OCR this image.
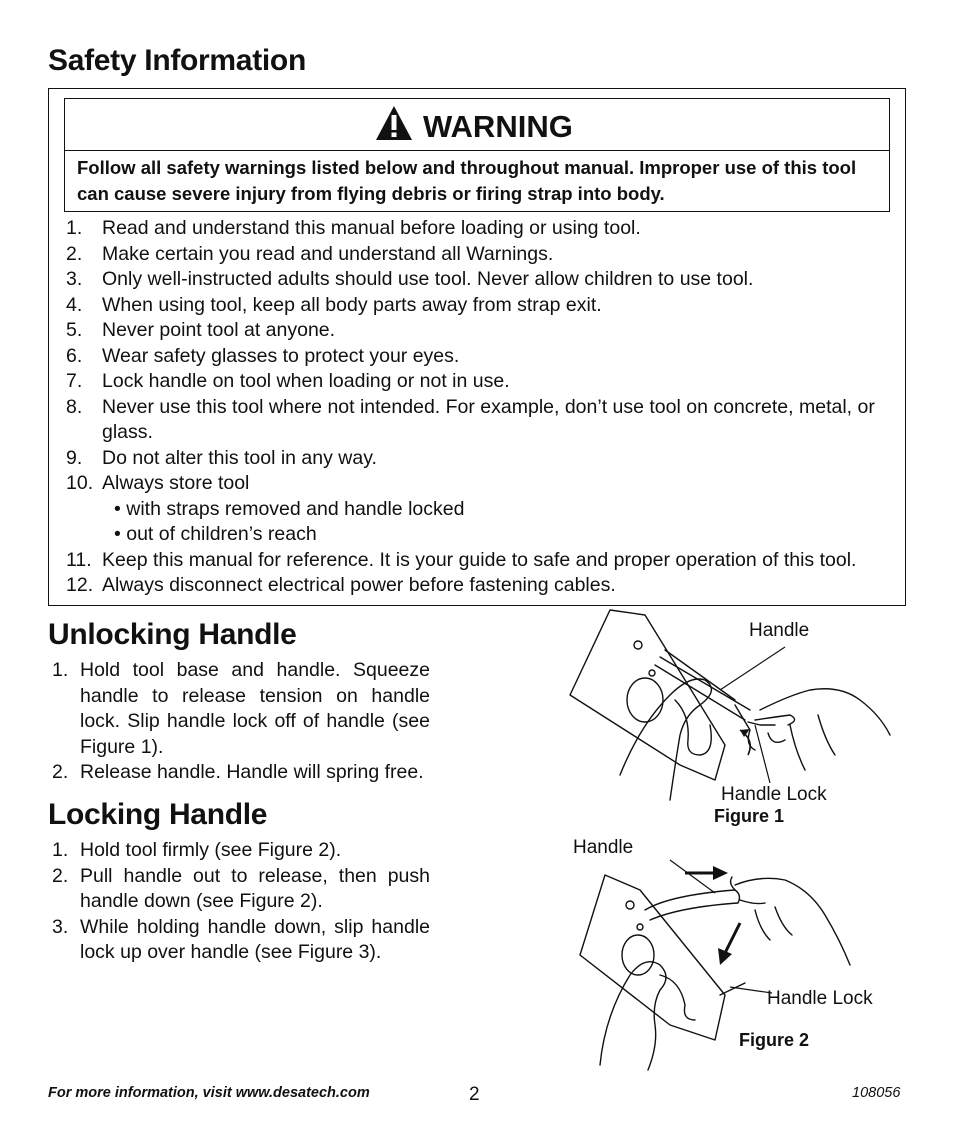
Safety Information
WARNING
Follow all safety warnings listed below and throughout manual. Improper use of this tool can cause severe injury from flying debris or firing strap into body.
1. Read and understand this manual before loading or using tool.
2. Make certain you read and understand all Warnings.
3. Only well-instructed adults should use tool. Never allow children to use tool.
4. When using tool, keep all body parts away from strap exit.
5. Never point tool at anyone.
6. Wear safety glasses to protect your eyes.
7. Lock handle on tool when loading or not in use.
8. Never use this tool where not intended. For example, don’t use tool on concrete, metal, or glass.
9. Do not alter this tool in any way.
10. Always store tool
• with straps removed and handle locked
• out of children’s reach
11. Keep this manual for reference. It is your guide to safe and proper operation of this tool.
12. Always disconnect electrical power before fastening cables.
Unlocking Handle
1. Hold tool base and handle. Squeeze handle to release tension on handle lock. Slip handle lock off of handle (see Figure 1).
2. Release handle. Handle will spring free.
Locking Handle
1. Hold tool firmly (see Figure 2).
2. Pull handle out to release, then push handle down (see Figure 2).
3. While holding handle down, slip handle lock up over handle (see Figure 3).
Handle
Handle Lock
Figure 1
Handle
Handle Lock
Figure 2
For more information, visit www.desatech.com	2	108056
